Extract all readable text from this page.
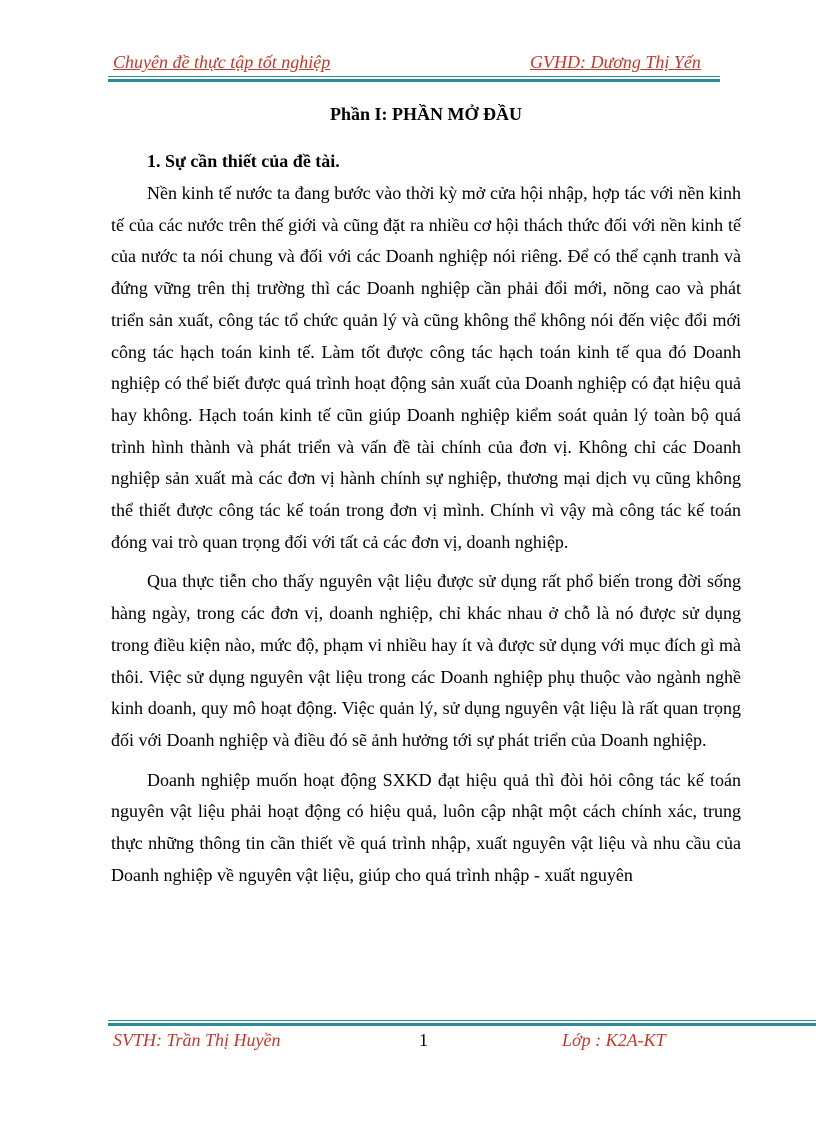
Chuyên đề thực tập tốt nghiệp	GVHD: Dương Thị Yến
Phần I: PHẦN MỞ ĐẦU
1. Sự cần thiết của đề tài.

Nền kinh tế nước ta đang bước vào thời kỳ mở cửa hội nhập, hợp tác với nền kinh tế của các nước trên thế giới và cũng đặt ra nhiều cơ hội thách thức đối với nền kinh tế của nước ta nói chung và đối với các Doanh nghiệp nói riêng. Để có thể cạnh tranh và đứng vững trên thị trường thì các Doanh nghiệp cần phải đổi mới, nõng cao và phát triển sản xuất, công tác tổ chức quản lý và cũng không thể không nói đến việc đổi mới công tác hạch toán kinh tế. Làm tốt được công tác hạch toán kinh tế qua đó Doanh nghiệp có thể biết được quá trình hoạt động sản xuất của Doanh nghiệp có đạt hiệu quả hay không. Hạch toán kinh tế cũn giúp Doanh nghiệp kiểm soát quản lý toàn bộ quá trình hình thành và phát triển và vấn đề tài chính của đơn vị. Không chỉ các Doanh nghiệp sản xuất mà các đơn vị hành chính sự nghiệp, thương mại dịch vụ cũng không thể thiết được công tác kế toán trong đơn vị mình. Chính vì vậy mà công tác kế toán đóng vai trò quan trọng đối với tất cả các đơn vị, doanh nghiệp.

Qua thực tiễn cho thấy nguyên vật liệu được sử dụng rất phổ biến trong đời sống hàng ngày, trong các đơn vị, doanh nghiệp, chỉ khác nhau ở chỗ là nó được sử dụng trong điều kiện nào, mức độ, phạm vi nhiều hay ít và được sử dụng với mục đích gì mà thôi. Việc sử dụng nguyên vật liệu trong các Doanh nghiệp phụ thuộc vào ngành nghề kinh doanh, quy mô hoạt động. Việc quản lý, sử dụng nguyên vật liệu là rất quan trọng đối với Doanh nghiệp và điều đó sẽ ảnh hưởng tới sự phát triển của Doanh nghiệp.

Doanh nghiệp muốn hoạt động SXKD đạt hiệu quả thì đòi hỏi công tác kế toán nguyên vật liệu phải hoạt động có hiệu quả, luôn cập nhật một cách chính xác, trung thực những thông tin cần thiết về quá trình nhập, xuất nguyên vật liệu và nhu cầu của Doanh nghiệp về nguyên vật liệu, giúp cho quá trình nhập - xuất nguyên

SVTH: Trần Thị Huyền	1	Lớp : K2A-KT
